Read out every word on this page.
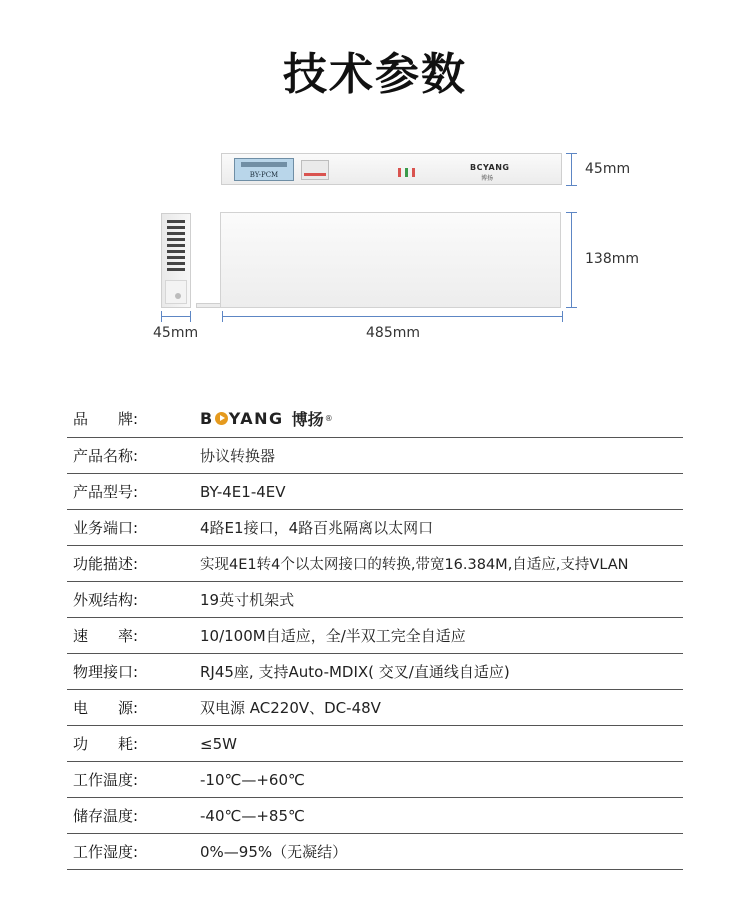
技术参数
BY-PCM
BCYANG
博扬
45mm
138mm
45mm	485mm
品　　牌:	B YANG 博扬 ®
产品名称:	协议转换器
产品型号:	BY-4E1-4EV
业务端口:	4路E1接口，4路百兆隔离以太网口
功能描述:	实现4E1转4个以太网接口的转换,带宽16.384M,自适应,支持VLAN
外观结构:	19英寸机架式
速　　率:	10/100M自适应，全/半双工完全自适应
物理接口:	RJ45座, 支持Auto-MDIX( 交叉/直通线自适应)
电　　源:	双电源 AC220V、DC-48V
功　　耗:	≤5W
工作温度:	-10℃—+60℃
储存温度:	-40℃—+85℃
工作湿度:	0%—95%（无凝结）
